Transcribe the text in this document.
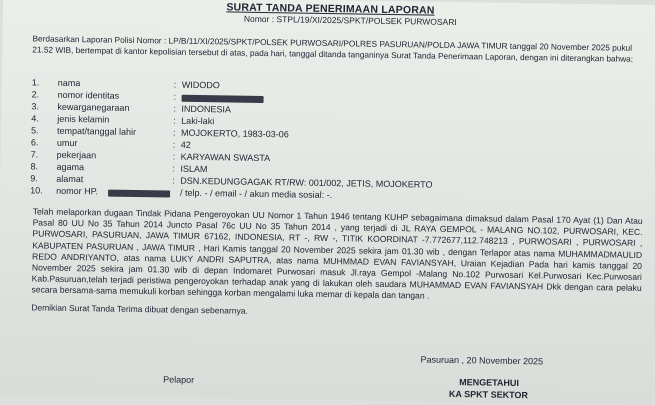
SURAT TANDA PENERIMAAN LAPORAN
Nomor : STPL/19/XI/2025/SPKT/POLSEK PURWOSARI
Berdasarkan Laporan Polisi Nomor : LP/B/11/XI/2025/SPKT/POLSEK PURWOSARI/POLRES PASURUAN/POLDA JAWA TIMUR tanggal 20 November 2025 pukul 21.52 WIB, bertempat di kantor kepolisian tersebut di atas, pada hari, tanggal ditanda tanganinya Surat Tanda Penerimaan Laporan, dengan ini diterangkan bahwa:
1.	nama	: WIDODO
2.	nomor identitas	:
3.	kewarganegaraan	: INDONESIA
4.	jenis kelamin	: Laki-laki
5.	tempat/tanggal lahir	: MOJOKERTO, 1983-03-06
6.	umur	: 42
7.	pekerjaan	: KARYAWAN SWASTA
8.	agama	: ISLAM
9.	alamat	: DSN.KEDUNGGAGAK RT/RW: 001/002, JETIS, MOJOKERTO
10.	nomor HP.	/ telp. - / email - / akun media sosial: -.
Telah melaporkan dugaan Tindak Pidana Pengeroyokan UU Nomor 1 Tahun 1946 tentang KUHP sebagaimana dimaksud dalam Pasal 170 Ayat (1) Dan Atau Pasal 80 UU No 35 Tahun 2014 Juncto Pasal 76c UU No 35 Tahun 2014 , yang terjadi di JL RAYA GEMPOL - MALANG NO.102, PURWOSARI, KEC. PURWOSARI, PASURUAN, JAWA TIMUR 67162, INDONESIA, RT -, RW -, TITIK KOORDINAT -7.772677,112.748213 , PURWOSARI , PURWOSARI , KABUPATEN PASURUAN , JAWA TIMUR , Hari Kamis tanggal 20 November 2025 sekira jam 01.30 wib , dengan Terlapor atas nama MUHAMMADMAULID REDO ANDRIYANTO, atas nama LUKY ANDRI SAPUTRA, atas nama MUHMMAD EVAN FAVIANSYAH, Uraian Kejadian Pada hari kamis tanggal 20 November 2025 sekira jam 01.30 wib di depan Indomaret Purwosari masuk Jl.raya Gempol -Malang No.102 Purwosari Kel.Purwosari Kec.Purwosari Kab.Pasuruan,telah terjadi peristiwa pengeroyokan terhadap anak yang di lakukan oleh saudara MUHAMMAD EVAN FAVIANSYAH Dkk dengan cara pelaku secara bersama-sama memukuli korban sehingga korban mengalami luka memar di kepala dan tangan .
Demikian Surat Tanda Terima dibuat dengan sebenarnya.
Pasuruan , 20 November 2025
Pelapor	MENGETAHUI
KA SPKT SEKTOR
